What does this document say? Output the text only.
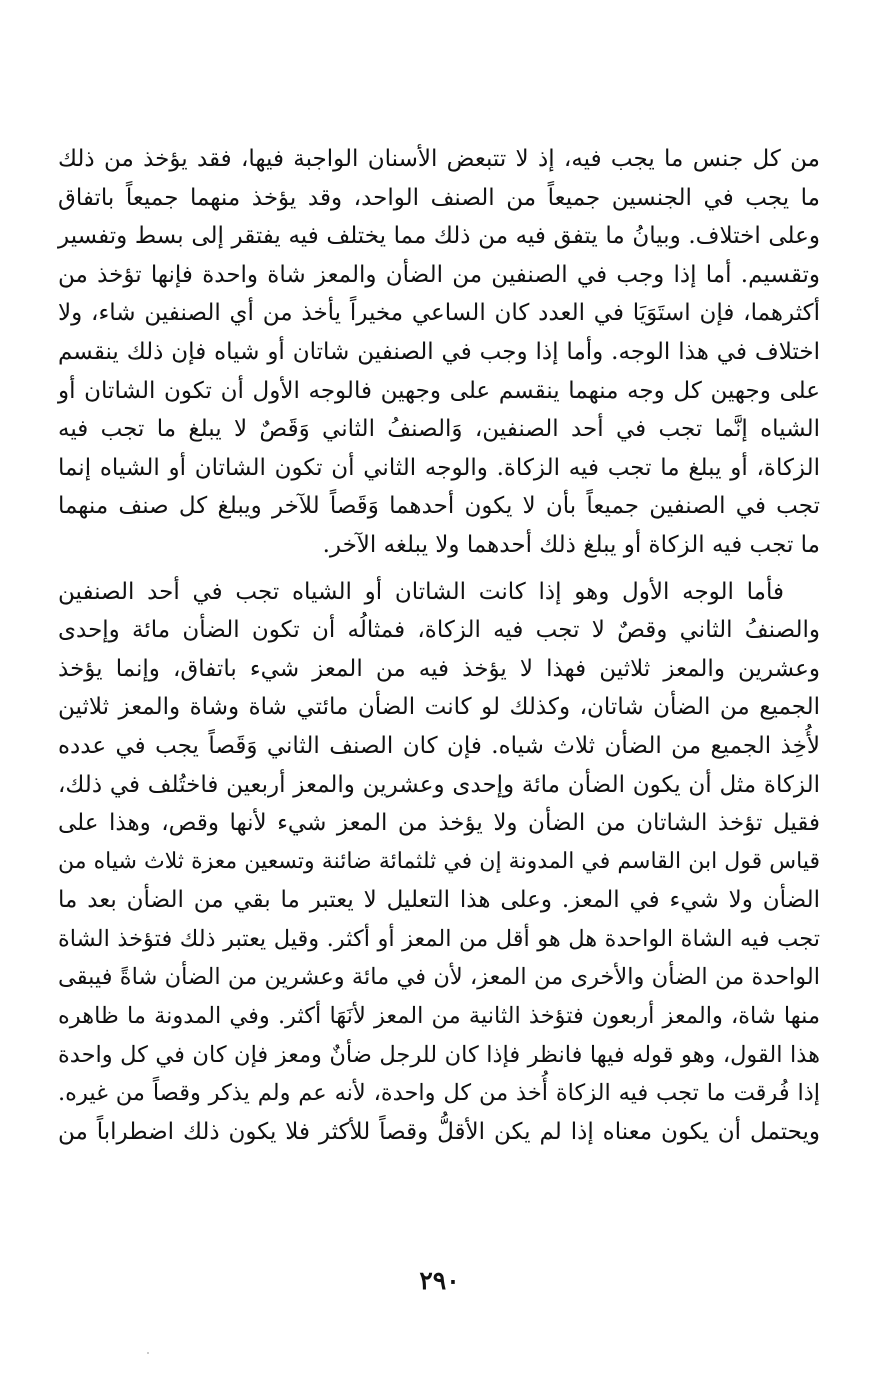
من كل جنس ما يجب فيه، إذ لا تتبعض الأسنان الواجبة فيها، فقد يؤخذ من ذلك
ما يجب في الجنسين جميعاً من الصنف الواحد، وقد يؤخذ منهما جميعاً باتفاق
وعلى اختلاف. وبيانُ ما يتفق فيه من ذلك مما يختلف فيه يفتقر إلى بسط وتفسير
وتقسيم. أما إذا وجب في الصنفين من الضأن والمعز شاة واحدة فإنها تؤخذ من
أكثرهما، فإن استَوَيَا في العدد كان الساعي مخيراً يأخذ من أي الصنفين شاء، ولا
اختلاف في هذا الوجه. وأما إذا وجب في الصنفين شاتان أو شياه فإن ذلك ينقسم
على وجهين كل وجه منهما ينقسم على وجهين فالوجه الأول أن تكون الشاتان أو
الشياه إنَّما تجب في أحد الصنفين، وَالصنفُ الثاني وَقَصٌ لا يبلغ ما تجب فيه
الزكاة، أو يبلغ ما تجب فيه الزكاة. والوجه الثاني أن تكون الشاتان أو الشياه إنما
تجب في الصنفين جميعاً بأن لا يكون أحدهما وَقَصاً للآخر ويبلغ كل صنف منهما
ما تجب فيه الزكاة أو يبلغ ذلك أحدهما ولا يبلغه الآخر.
فأما الوجه الأول وهو إذا كانت الشاتان أو الشياه تجب في أحد الصنفين
والصنفُ الثاني وقصٌ لا تجب فيه الزكاة، فمثالُه أن تكون الضأن مائة وإحدى
وعشرين والمعز ثلاثين فهذا لا يؤخذ فيه من المعز شيء باتفاق، وإنما يؤخذ
الجميع من الضأن شاتان، وكذلك لو كانت الضأن مائتي شاة وشاة والمعز ثلاثين
لأُخِذ الجميع من الضأن ثلاث شياه. فإن كان الصنف الثاني وَقَصاً يجب في عدده
الزكاة مثل أن يكون الضأن مائة وإحدى وعشرين والمعز أربعين فاختُلف في ذلك،
فقيل تؤخذ الشاتان من الضأن ولا يؤخذ من المعز شيء لأنها وقص، وهذا على
قياس قول ابن القاسم في المدونة إن في ثلثمائة ضائنة وتسعين معزة ثلاث شياه من
الضأن ولا شيء في المعز. وعلى هذا التعليل لا يعتبر ما بقي من الضأن بعد ما
تجب فيه الشاة الواحدة هل هو أقل من المعز أو أكثر. وقيل يعتبر ذلك فتؤخذ الشاة
الواحدة من الضأن والأخرى من المعز، لأن في مائة وعشرين من الضأن شاةً فيبقى
منها شاة، والمعز أربعون فتؤخذ الثانية من المعز لأنَهَا أكثر. وفي المدونة ما ظاهره
هذا القول، وهو قوله فيها فانظر فإذا كان للرجل ضأنٌ ومعز فإن كان في كل واحدة
إذا فُرقت ما تجب فيه الزكاة أُخذ من كل واحدة، لأنه عم ولم يذكر وقصاً من غيره.
ويحتمل أن يكون معناه إذا لم يكن الأقلُّ وقصاً للأكثر فلا يكون ذلك اضطراباً من
٢٩٠
